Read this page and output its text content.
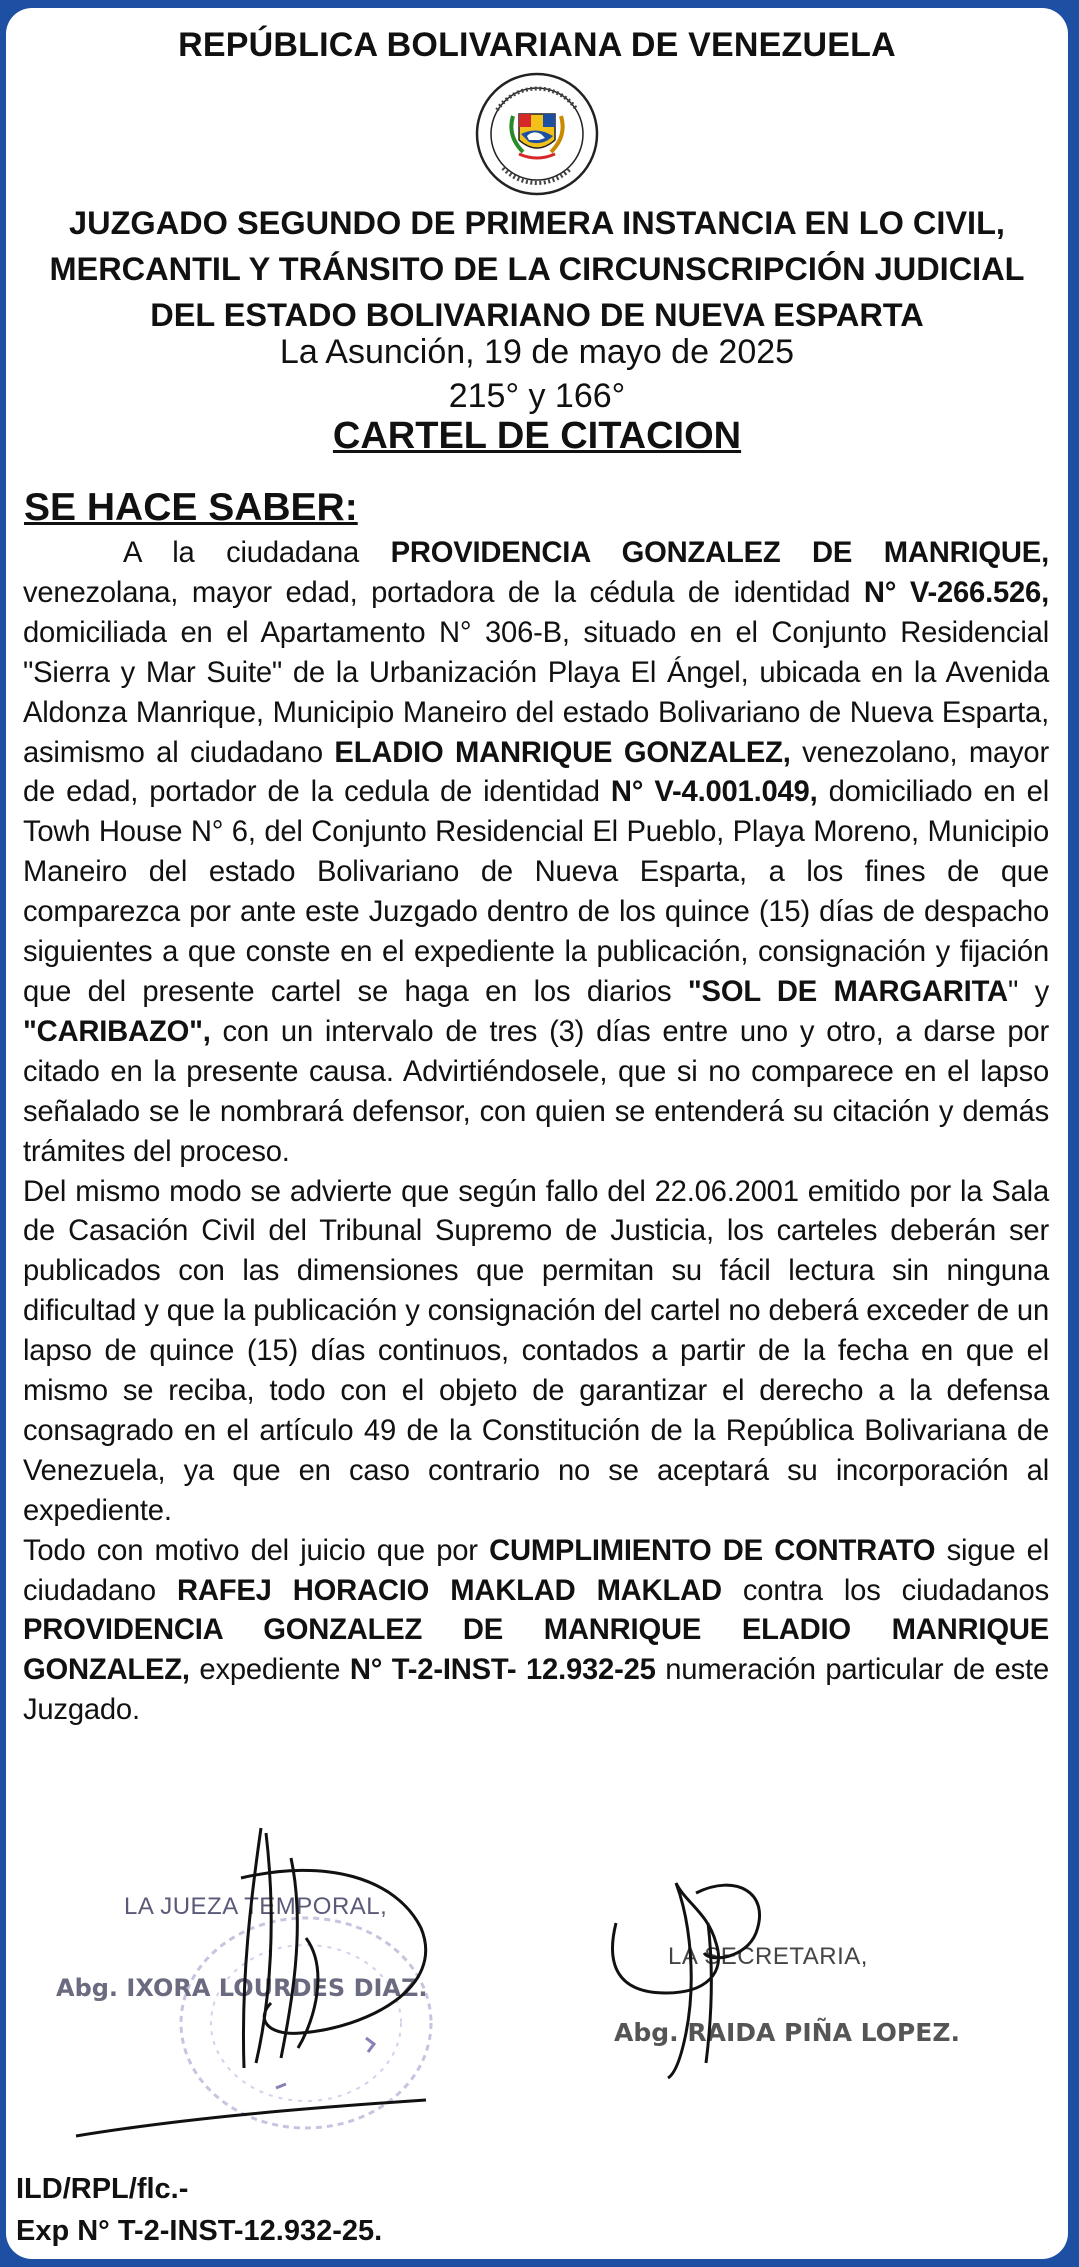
REPÚBLICA BOLIVARIANA DE VENEZUELA
JUZGADO SEGUNDO DE PRIMERA INSTANCIA EN LO CIVIL,
MERCANTIL Y TRÁNSITO DE LA CIRCUNSCRIPCIÓN JUDICIAL
DEL ESTADO BOLIVARIANO DE NUEVA ESPARTA
La Asunción, 19 de mayo de 2025
215° y 166°
CARTEL DE CITACION
SE HACE SABER:

A la ciudadana PROVIDENCIA GONZALEZ DE MANRIQUE, venezolana, mayor edad, portadora de la cédula de identidad N° V-266.526, domiciliada en el Apartamento N° 306-B, situado en el Conjunto Residencial "Sierra y Mar Suite" de la Urbanización Playa El Ángel, ubicada en la Avenida Aldonza Manrique, Municipio Maneiro del estado Bolivariano de Nueva Esparta, asimismo al ciudadano ELADIO MANRIQUE GONZALEZ, venezolano, mayor de edad, portador de la cedula de identidad N° V-4.001.049, domiciliado en el Towh House N° 6, del Conjunto Residencial El Pueblo, Playa Moreno, Municipio Maneiro del estado Bolivariano de Nueva Esparta, a los fines de que comparezca por ante este Juzgado dentro de los quince (15) días de despacho siguientes a que conste en el expediente la publicación, consignación y fijación que del presente cartel se haga en los diarios "SOL DE MARGARITA" y "CARIBAZO", con un intervalo de tres (3) días entre uno y otro, a darse por citado en la presente causa. Advirtiéndosele, que si no comparece en el lapso señalado se le nombrará defensor, con quien se entenderá su citación y demás trámites del proceso.

Del mismo modo se advierte que según fallo del 22.06.2001 emitido por la Sala de Casación Civil del Tribunal Supremo de Justicia, los carteles deberán ser publicados con las dimensiones que permitan su fácil lectura sin ninguna dificultad y que la publicación y consignación del cartel no deberá exceder de un lapso de quince (15) días continuos, contados a partir de la fecha en que el mismo se reciba, todo con el objeto de garantizar el derecho a la defensa consagrado en el artículo 49 de la Constitución de la República Bolivariana de Venezuela, ya que en caso contrario no se aceptará su incorporación al expediente.

Todo con motivo del juicio que por CUMPLIMIENTO DE CONTRATO sigue el ciudadano RAFEJ HORACIO MAKLAD MAKLAD contra los ciudadanos PROVIDENCIA GONZALEZ DE MANRIQUE ELADIO MANRIQUE GONZALEZ, expediente N° T-2-INST- 12.932-25 numeración particular de este Juzgado.

LA JUEZA TEMPORAL,
Abg. IXORA LOURDES DIAZ.
LA SECRETARIA,
Abg. RAIDA PIÑA LOPEZ.
ILD/RPL/flc.-
Exp N° T-2-INST-12.932-25.
